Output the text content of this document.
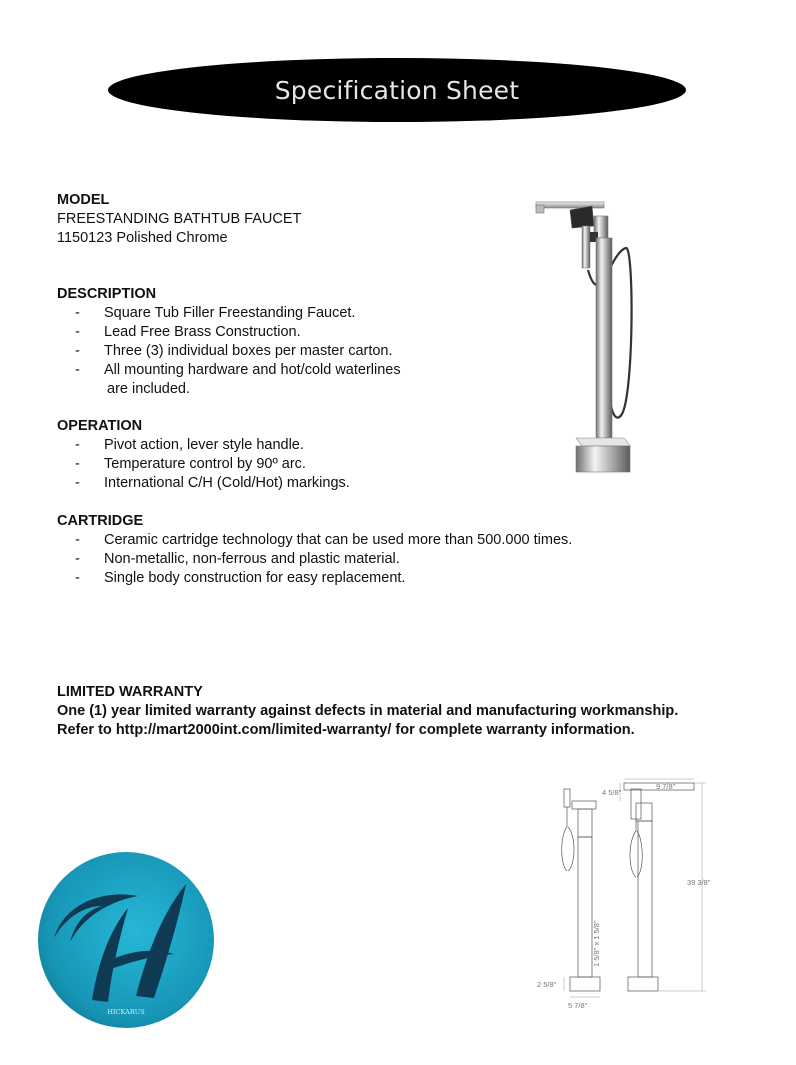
Specification Sheet
MODEL
FREESTANDING BATHTUB FAUCET
1150123 Polished Chrome
DESCRIPTION
- Square Tub Filler Freestanding Faucet.
- Lead Free Brass Construction.
- Three (3) individual boxes per master carton.
- All mounting hardware and hot/cold waterlines
are included.
OPERATION
- Pivot action, lever style handle.
- Temperature control by 90º arc.
- International C/H (Cold/Hot) markings.
CARTRIDGE
- Ceramic cartridge technology that can be used more than 500.000 times.
- Non-metallic, non-ferrous and plastic material.
- Single body construction for easy replacement.
LIMITED WARRANTY
One (1) year limited warranty against defects in material and manufacturing workmanship.
Refer to http://mart2000int.com/limited-warranty/ for complete warranty information.
4 5/8"
9 7/8"
39 3/8"
1 5/8" x 1 5/8"
2 5/8"
5 7/8"
HICKARUS
